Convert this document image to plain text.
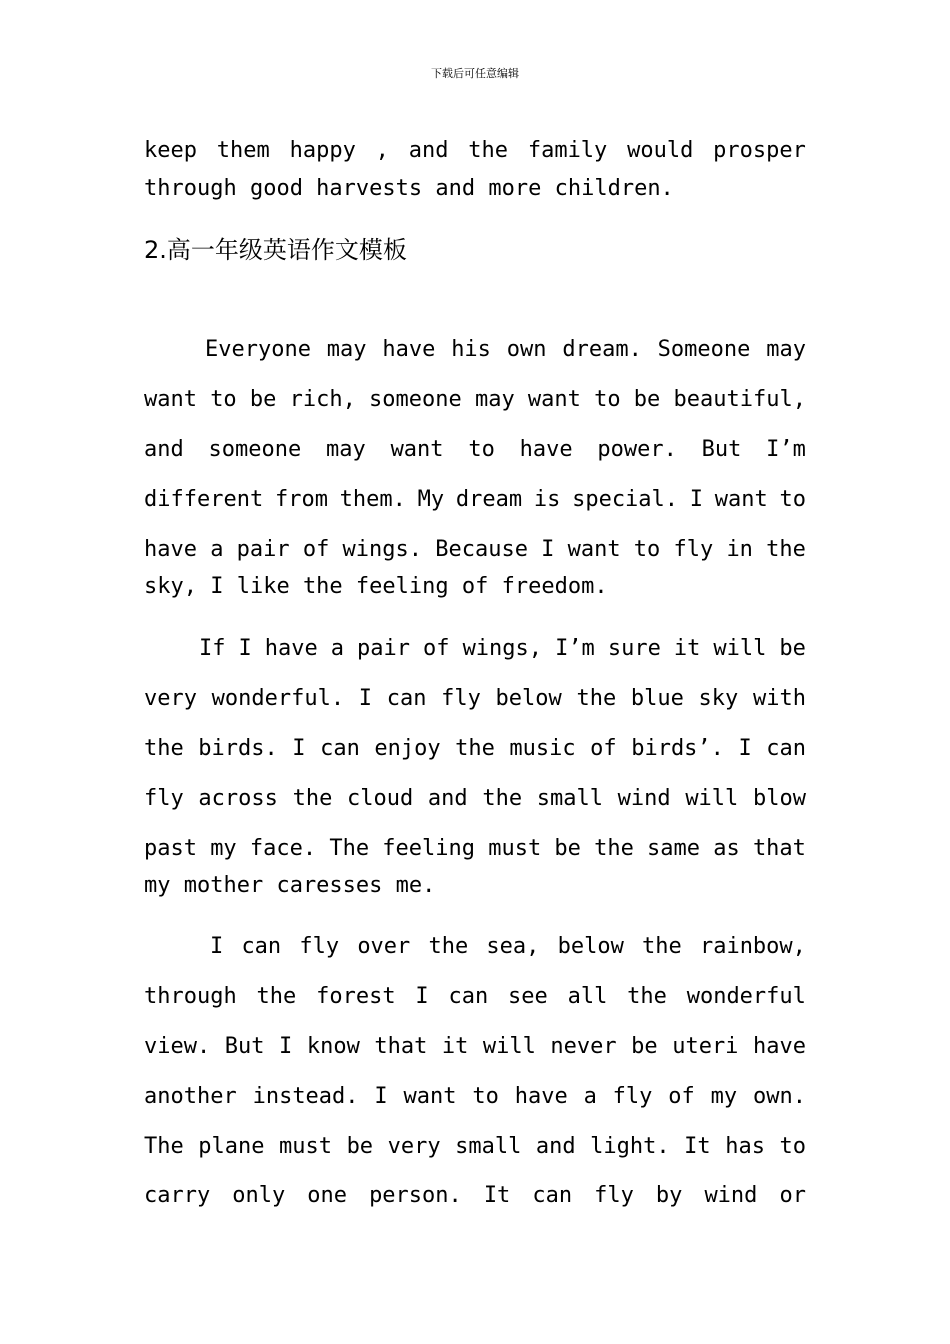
下载后可任意编辑
keep them happy , and the family would prosper
through good harvests and more children.
2.高一年级英语作文模板
Everyone may have his own dream. Someone may
want to be rich, someone may want to be beautiful,
and someone may want to have power. But I’m
different from them. My dream is special. I want to
have a pair of wings. Because I want to fly in the
sky, I like the feeling of freedom.
If I have a pair of wings, I’m sure it will be
very wonderful. I can fly below the blue sky with
the birds. I can enjoy the music of birds’. I can
fly across the cloud and the small wind will blow
past my face. The feeling must be the same as that
my mother caresses me.
I can fly over the sea, below the rainbow,
through the forest I can see all the wonderful
view. But I know that it will never be uteri have
another instead. I want to have a fly of my own.
The plane must be very small and light. It has to
carry only one person. It can fly by wind or
